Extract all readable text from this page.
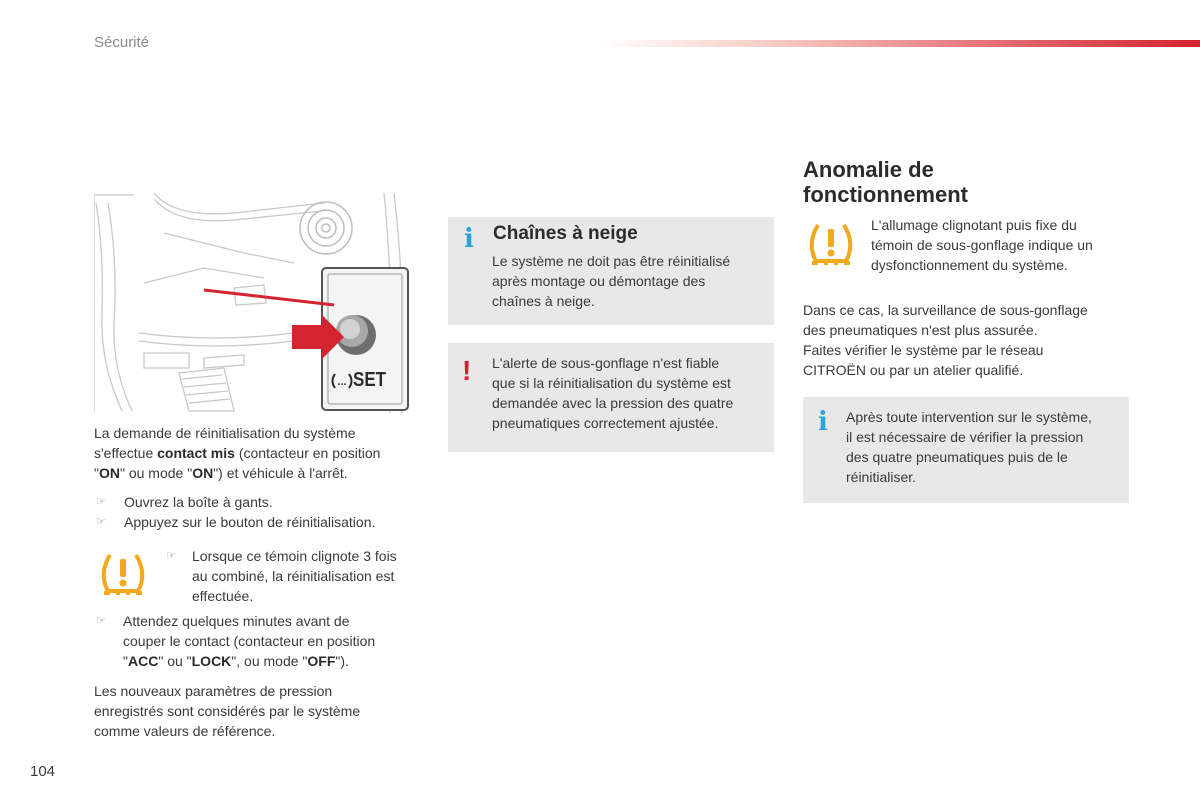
Sécurité
... SET

La demande de réinitialisation du système

s'effectue contact mis (contacteur en position

"ON" ou mode "ON") et véhicule à l'arrêt.

☞ Ouvrez la boîte à gants.
☞ Appuyez sur le bouton de réinitialisation.
☞ Lorsque ce témoin clignote 3 fois

au combiné, la réinitialisation est

effectuée.

☞ Attendez quelques minutes avant de

couper le contact (contacteur en position

"ACC" ou "LOCK", ou mode "OFF").

Les nouveaux paramètres de pression

enregistrés sont considérés par le système

comme valeurs de référence.

i Chaînes à neige

Le système ne doit pas être réinitialisé

après montage ou démontage des

chaînes à neige.

! L'alerte de sous-gonflage n'est fiable

que si la réinitialisation du système est

demandée avec la pression des quatre

pneumatiques correctement ajustée.

Anomalie de
fonctionnement

L'allumage clignotant puis fixe du

témoin de sous-gonflage indique un

dysfonctionnement du système.

Dans ce cas, la surveillance de sous-gonflage

des pneumatiques n'est plus assurée.

Faites vérifier le système par le réseau

CITROËN ou par un atelier qualifié.

i Après toute intervention sur le système,

il est nécessaire de vérifier la pression

des quatre pneumatiques puis de le

réinitialiser.

104
